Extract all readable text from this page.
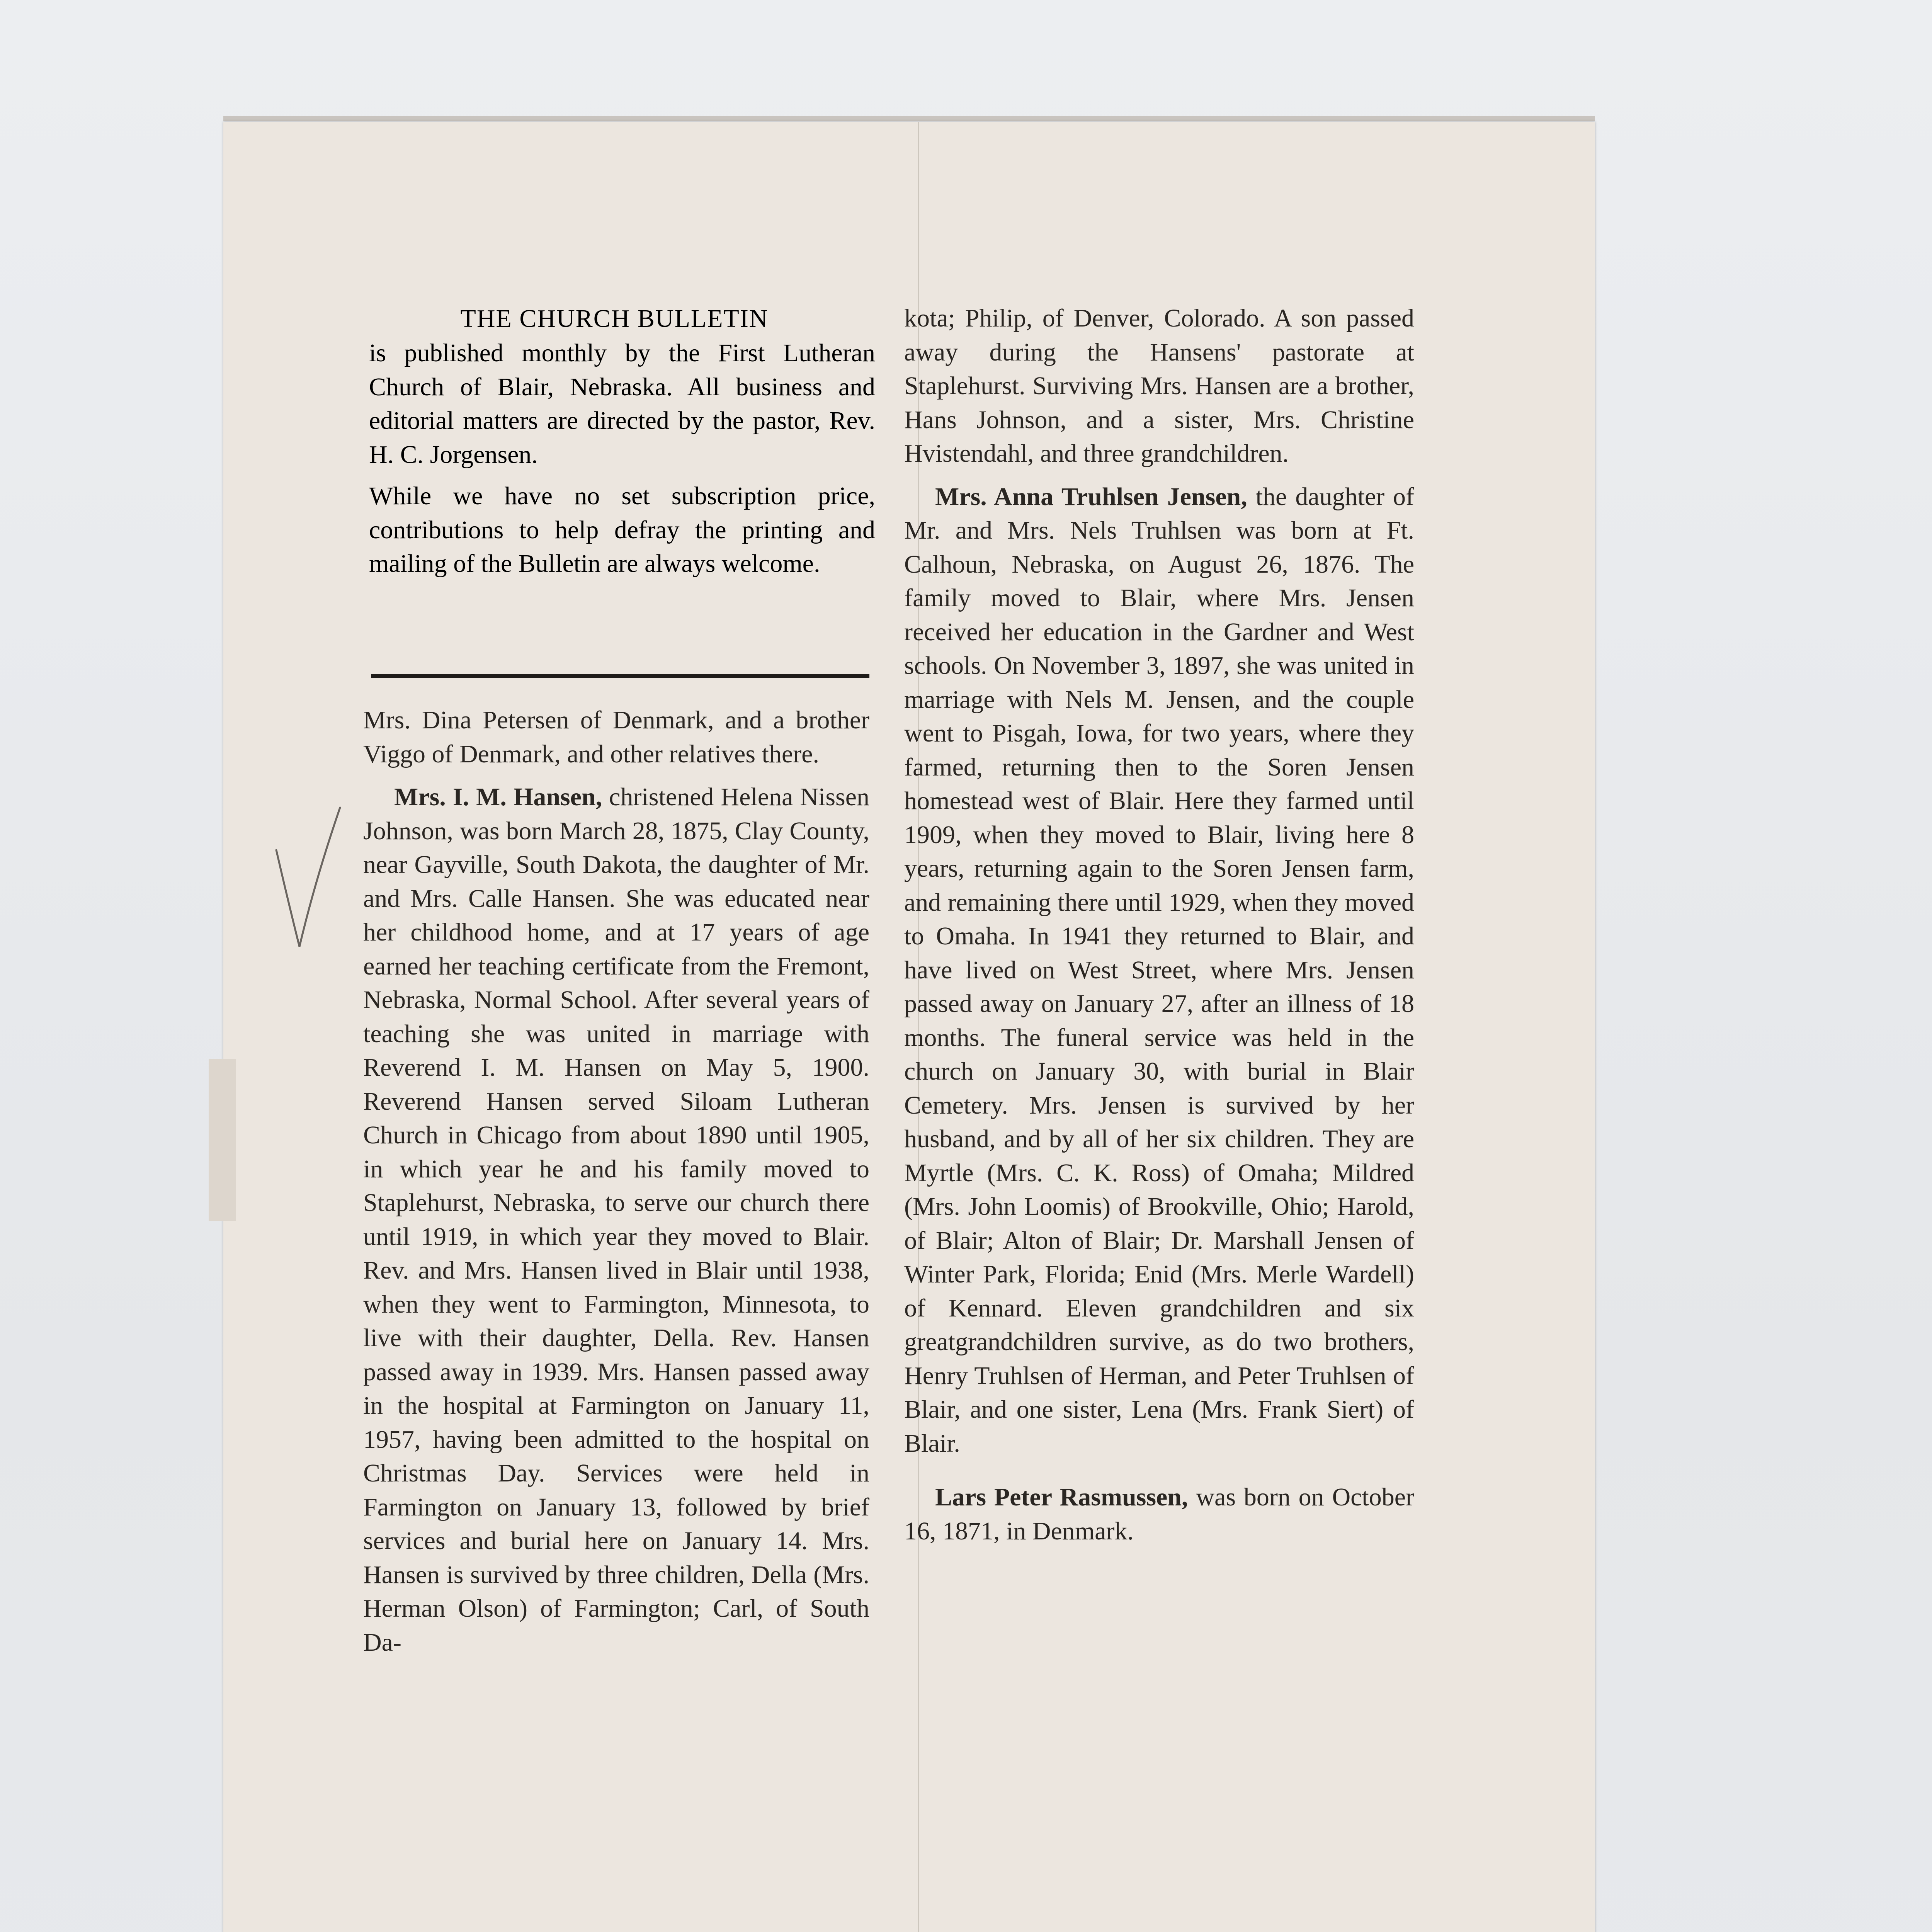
THE CHURCH BULLETIN

is published monthly by the First Lutheran Church of Blair, Nebraska. All business and editorial matters are directed by the pastor, Rev. H. C. Jorgensen.

While we have no set subscription price, contributions to help defray the printing and mailing of the Bulletin are always welcome.

Mrs. Dina Petersen of Denmark, and a brother Viggo of Denmark, and other relatives there.

Mrs. I. M. Hansen, christened Helena Nissen Johnson, was born March 28, 1875, Clay County, near Gayville, South Dakota, the daughter of Mr. and Mrs. Calle Hansen. She was educated near her childhood home, and at 17 years of age earned her teaching certificate from the Fremont, Nebraska, Normal School. After several years of teaching she was united in marriage with Reverend I. M. Hansen on May 5, 1900. Reverend Hansen served Siloam Lutheran Church in Chicago from about 1890 until 1905, in which year he and his family moved to Staplehurst, Nebraska, to serve our church there until 1919, in which year they moved to Blair. Rev. and Mrs. Hansen lived in Blair until 1938, when they went to Farmington, Minnesota, to live with their daughter, Della. Rev. Hansen passed away in 1939. Mrs. Hansen passed away in the hospital at Farmington on January 11, 1957, having been admitted to the hospital on Christmas Day. Services were held in Farmington on January 13, followed by brief services and burial here on January 14. Mrs. Hansen is survived by three children, Della (Mrs. Herman Olson) of Farmington; Carl, of South Da-

kota; Philip, of Denver, Colorado. A son passed away during the Hansens' pastorate at Staplehurst. Surviving Mrs. Hansen are a brother, Hans Johnson, and a sister, Mrs. Christine Hvistendahl, and three grandchildren.

Mrs. Anna Truhlsen Jensen, the daughter of Mr. and Mrs. Nels Truhlsen was born at Ft. Calhoun, Nebraska, on August 26, 1876. The family moved to Blair, where Mrs. Jensen received her education in the Gardner and West schools. On November 3, 1897, she was united in marriage with Nels M. Jensen, and the couple went to Pisgah, Iowa, for two years, where they farmed, returning then to the Soren Jensen homestead west of Blair. Here they farmed until 1909, when they moved to Blair, living here 8 years, returning again to the Soren Jensen farm, and remaining there until 1929, when they moved to Omaha. In 1941 they returned to Blair, and have lived on West Street, where Mrs. Jensen passed away on January 27, after an illness of 18 months. The funeral service was held in the church on January 30, with burial in Blair Cemetery. Mrs. Jensen is survived by her husband, and by all of her six children. They are Myrtle (Mrs. C. K. Ross) of Omaha; Mildred (Mrs. John Loomis) of Brookville, Ohio; Harold, of Blair; Alton of Blair; Dr. Marshall Jensen of Winter Park, Florida; Enid (Mrs. Merle Wardell) of Kennard. Eleven grandchildren and six greatgrandchildren survive, as do two brothers, Henry Truhlsen of Herman, and Peter Truhlsen of Blair, and one sister, Lena (Mrs. Frank Siert) of Blair.

Lars Peter Rasmussen, was born on October 16, 1871, in Denmark.
